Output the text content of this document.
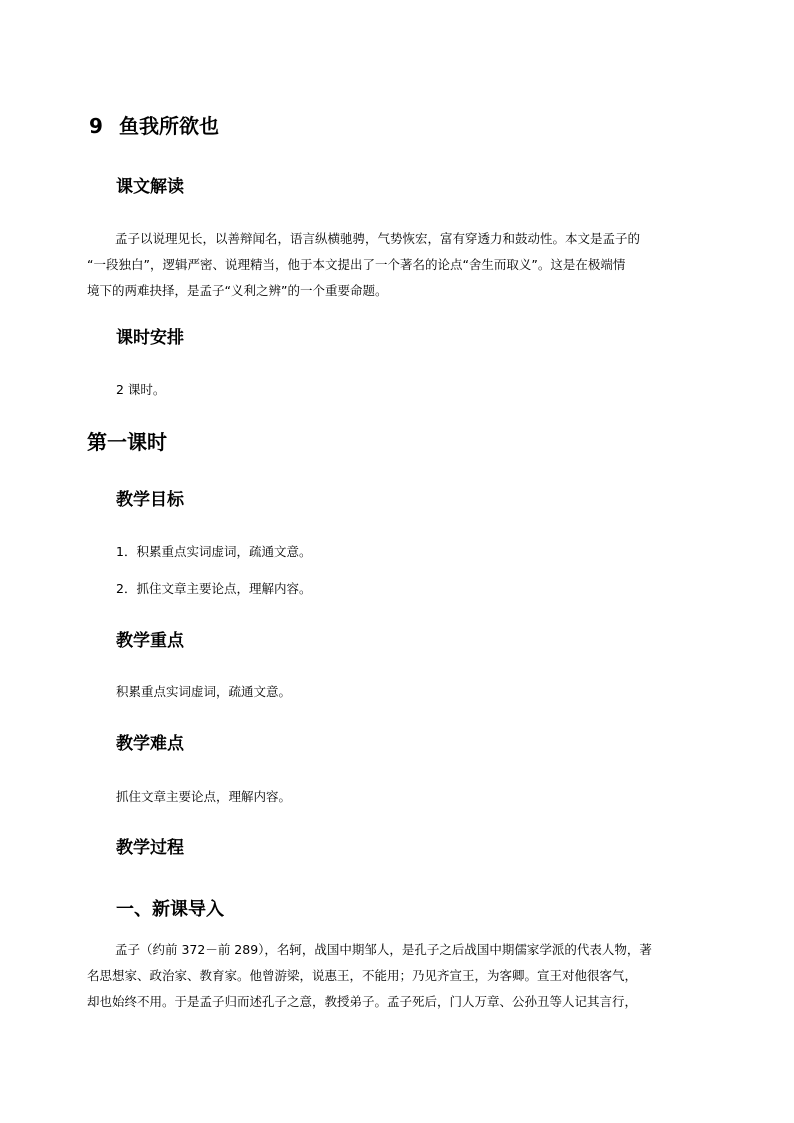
9 鱼我所欲也
课文解读

孟子以说理见长，以善辩闻名，语言纵横驰骋，气势恢宏，富有穿透力和鼓动性。本文是孟子的
“一段独白”，逻辑严密、说理精当，他于本文提出了一个著名的论点“舍生而取义”。这是在极端情
境下的两难抉择，是孟子“义利之辨”的一个重要命题。

课时安排

2 课时。

第一课时
教学目标

1．积累重点实词虚词，疏通文意。

2．抓住文章主要论点，理解内容。

教学重点

积累重点实词虚词，疏通文意。

教学难点

抓住文章主要论点，理解内容。

教学过程
一、新课导入

孟子（约前 372－前 289），名轲，战国中期邹人，是孔子之后战国中期儒家学派的代表人物，著
名思想家、政治家、教育家。他曾游梁，说惠王，不能用；乃见齐宣王，为客卿。宣王对他很客气，
却也始终不用。于是孟子归而述孔子之意，教授弟子。孟子死后，门人万章、公孙丑等人记其言行，
